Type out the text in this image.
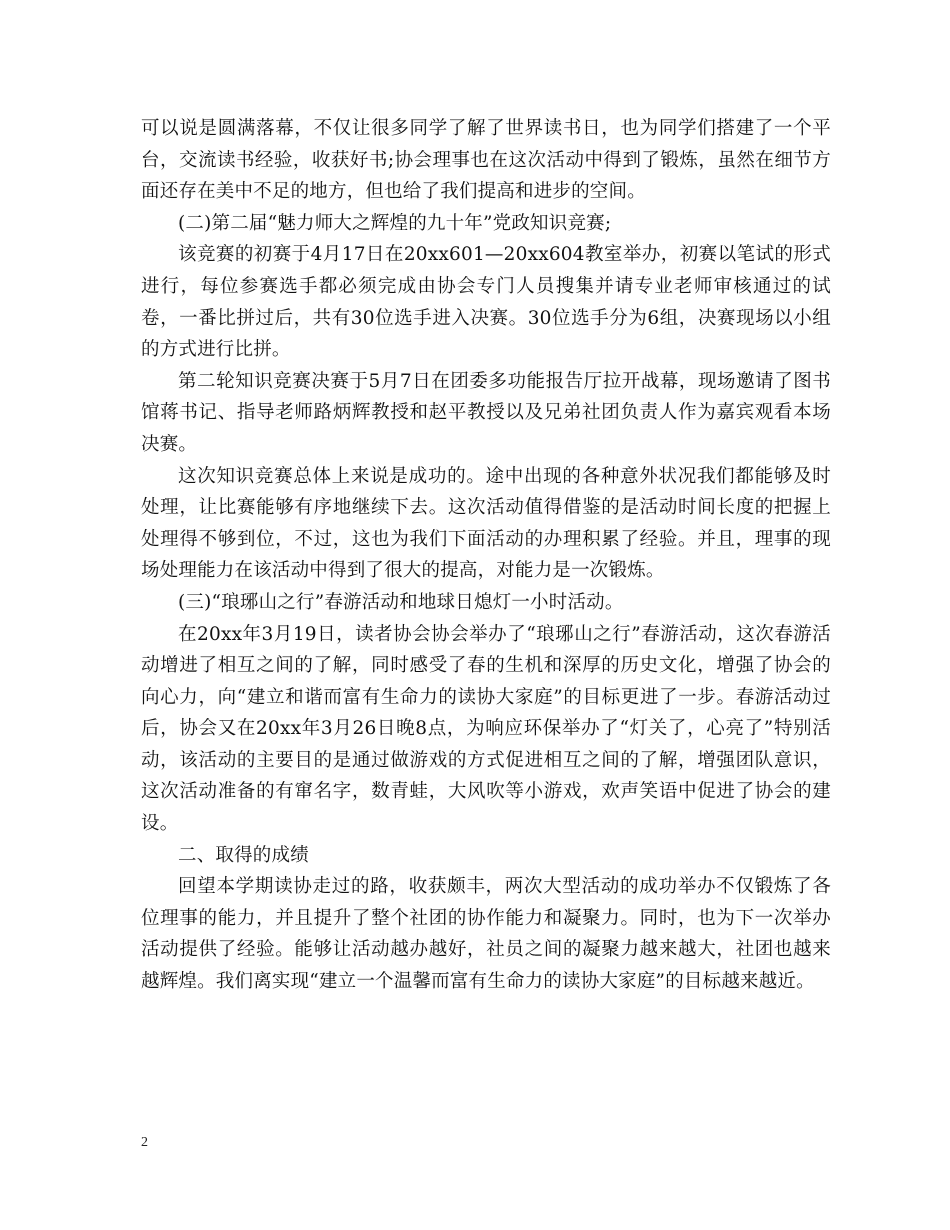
可以说是圆满落幕，不仅让很多同学了解了世界读书日，也为同学们搭建了一个平台，交流读书经验，收获好书;协会理事也在这次活动中得到了锻炼，虽然在细节方面还存在美中不足的地方，但也给了我们提高和进步的空间。

(二)第二届“魅力师大之辉煌的九十年”党政知识竞赛;

该竞赛的初赛于4月17日在20xx601—20xx604教室举办，初赛以笔试的形式进行，每位参赛选手都必须完成由协会专门人员搜集并请专业老师审核通过的试卷，一番比拼过后，共有30位选手进入决赛。30位选手分为6组，决赛现场以小组的方式进行比拼。

第二轮知识竞赛决赛于5月7日在团委多功能报告厅拉开战幕，现场邀请了图书馆蒋书记、指导老师路炳辉教授和赵平教授以及兄弟社团负责人作为嘉宾观看本场决赛。

这次知识竞赛总体上来说是成功的。途中出现的各种意外状况我们都能够及时处理，让比赛能够有序地继续下去。这次活动值得借鉴的是活动时间长度的把握上处理得不够到位，不过，这也为我们下面活动的办理积累了经验。并且，理事的现场处理能力在该活动中得到了很大的提高，对能力是一次锻炼。

(三)“琅琊山之行”春游活动和地球日熄灯一小时活动。

在20xx年3月19日，读者协会协会举办了“琅琊山之行”春游活动，这次春游活动增进了相互之间的了解，同时感受了春的生机和深厚的历史文化，增强了协会的向心力，向“建立和谐而富有生命力的读协大家庭”的目标更进了一步。春游活动过后，协会又在20xx年3月26日晚8点，为响应环保举办了“灯关了，心亮了”特别活动，该活动的主要目的是通过做游戏的方式促进相互之间的了解，增强团队意识，这次活动准备的有窜名字，数青蛙，大风吹等小游戏，欢声笑语中促进了协会的建设。

二、取得的成绩

回望本学期读协走过的路，收获颇丰，两次大型活动的成功举办不仅锻炼了各位理事的能力，并且提升了整个社团的协作能力和凝聚力。同时，也为下一次举办活动提供了经验。能够让活动越办越好，社员之间的凝聚力越来越大，社团也越来越辉煌。我们离实现“建立一个温馨而富有生命力的读协大家庭”的目标越来越近。

2
